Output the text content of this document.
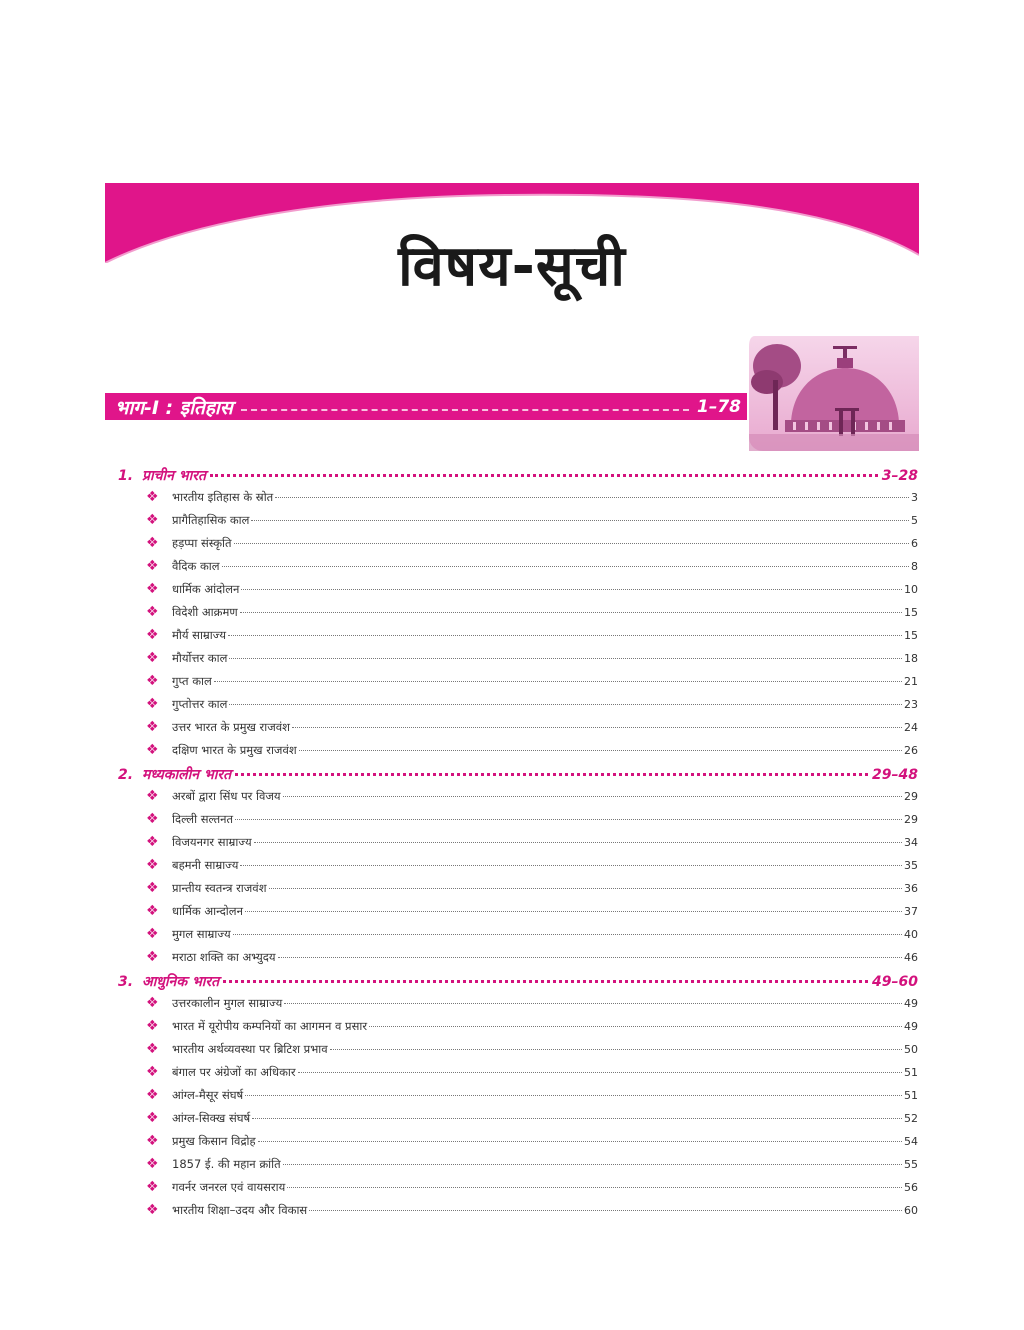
विषय-सूची
भाग-I : इतिहास	1–78
1. प्राचीन भारत	3–28
❖	भारतीय इतिहास के स्रोत	3
❖	प्रागैतिहासिक काल	5
❖	हड़प्पा संस्कृति	6
❖	वैदिक काल	8
❖	धार्मिक आंदोलन	10
❖	विदेशी आक्रमण	15
❖	मौर्य साम्राज्य	15
❖	मौर्योत्तर काल	18
❖	गुप्त काल	21
❖	गुप्तोत्तर काल	23
❖	उत्तर भारत के प्रमुख राजवंश	24
❖	दक्षिण भारत के प्रमुख राजवंश	26
2. मध्यकालीन भारत	29–48
❖	अरबों द्वारा सिंध पर विजय	29
❖	दिल्ली सल्तनत	29
❖	विजयनगर साम्राज्य	34
❖	बहमनी साम्राज्य	35
❖	प्रान्तीय स्वतन्त्र राजवंश	36
❖	धार्मिक आन्दोलन	37
❖	मुगल साम्राज्य	40
❖	मराठा शक्ति का अभ्युदय	46
3. आधुनिक भारत	49–60
❖	उत्तरकालीन मुगल साम्राज्य	49
❖	भारत में यूरोपीय कम्पनियों का आगमन व प्रसार	49
❖	भारतीय अर्थव्यवस्था पर ब्रिटिश प्रभाव	50
❖	बंगाल पर अंग्रेजों का अधिकार	51
❖	आंग्ल-मैसूर संघर्ष	51
❖	आंग्ल-सिक्ख संघर्ष	52
❖	प्रमुख किसान विद्रोह	54
❖	1857 ई. की महान क्रांति	55
❖	गवर्नर जनरल एवं वायसराय	56
❖	भारतीय शिक्षा–उदय और विकास	60
